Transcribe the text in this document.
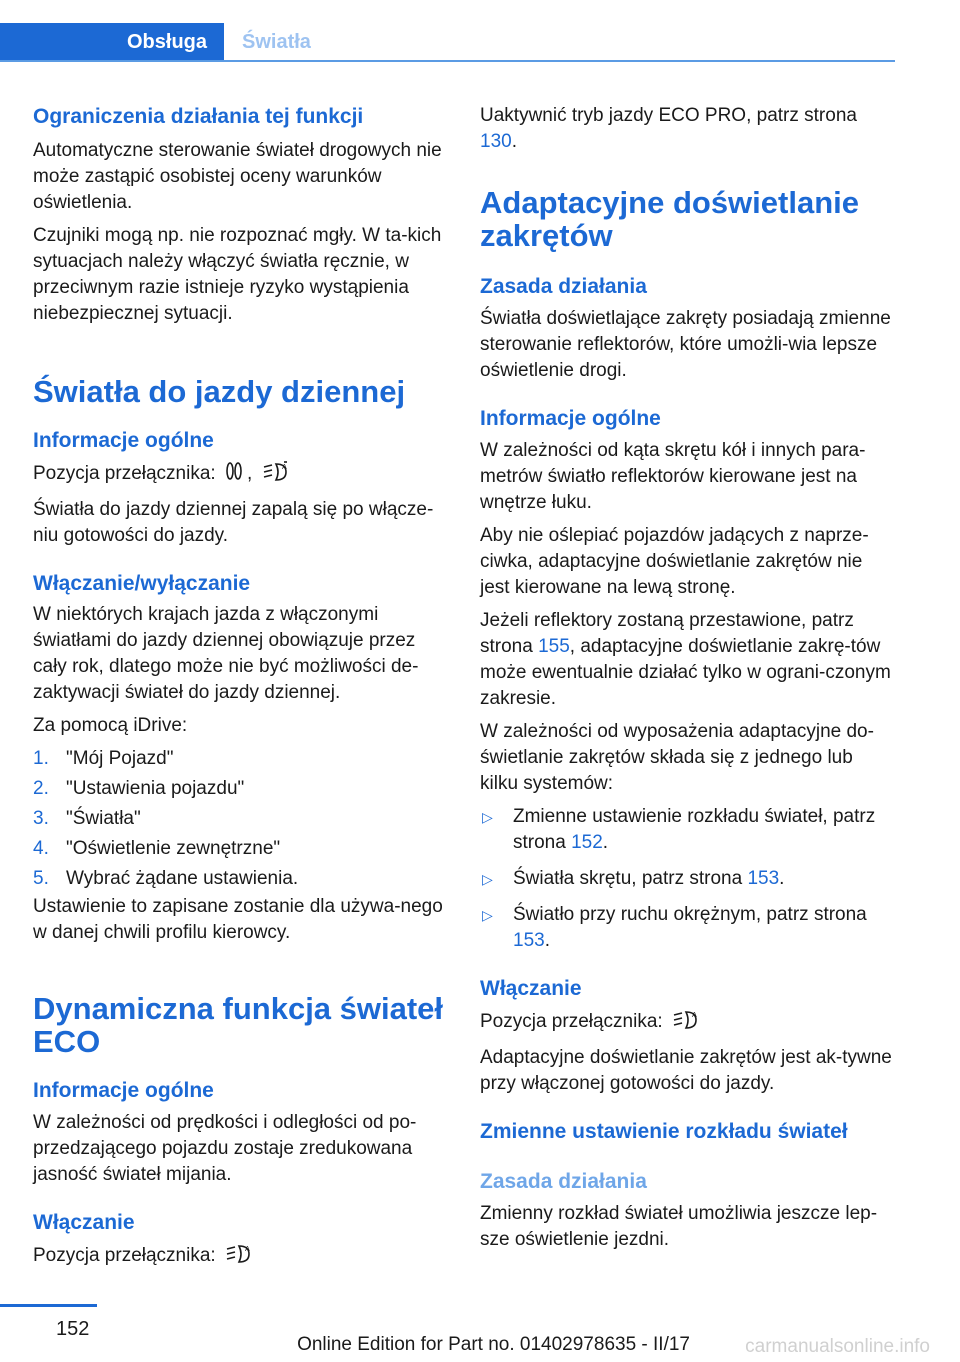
Obsługa Światła
Ograniczenia działania tej funkcji

Automatyczne sterowanie świateł drogowych nie może zastąpić osobistej oceny warunków oświetlenia.

Czujniki mogą np. nie rozpoznać mgły. W ta-kich sytuacjach należy włączyć światła ręcznie, w przeciwnym razie istnieje ryzyko wystąpienia niebezpiecznej sytuacji.

Światła do jazdy dziennej
Informacje ogólne

Pozycja przełącznika: ,	A

Światła do jazdy dziennej zapalą się po włącze-niu gotowości do jazdy.

Włączanie/wyłączanie

W niektórych krajach jazda z włączonymi światłami do jazdy dziennej obowiązuje przez cały rok, dlatego może nie być możliwości de-zaktywacji świateł do jazdy dziennej.

Za pomocą iDrive:

1. "Mój Pojazd"
2. "Ustawienia pojazdu"
3. "Światła"
4. "Oświetlenie zewnętrzne"
5. Wybrać żądane ustawienia.

Ustawienie to zapisane zostanie dla używa-nego w danej chwili profilu kierowcy.

Dynamiczna funkcja świateł ECO
Informacje ogólne

W zależności od prędkości i odległości od po-przedzającego pojazdu zostaje zredukowana jasność świateł mijania.

Włączanie

Pozycja przełącznika:	A

Uaktywnić tryb jazdy ECO PRO, patrz strona 130.

Adaptacyjne doświetlanie zakrętów
Zasada działania

Światła doświetlające zakręty posiadają zmienne sterowanie reflektorów, które umożli-wia lepsze oświetlenie drogi.

Informacje ogólne

W zależności od kąta skrętu kół i innych para-metrów światło reflektorów kierowane jest na wnętrze łuku.

Aby nie oślepiać pojazdów jadących z naprze-ciwka, adaptacyjne doświetlanie zakrętów nie jest kierowane na lewą stronę.

Jeżeli reflektory zostaną przestawione, patrz strona 155, adaptacyjne doświetlanie zakrę-tów może ewentualnie działać tylko w ograni-czonym zakresie.

W zależności od wyposażenia adaptacyjne do-świetlanie zakrętów składa się z jednego lub kilku systemów:

▷	Zmienne ustawienie rozkładu świateł, patrz strona 152.
▷	Światła skrętu, patrz strona 153.
▷	Światło przy ruchu okrężnym, patrz strona 153.
Włączanie

Pozycja przełącznika:	A

Adaptacyjne doświetlanie zakrętów jest ak-tywne przy włączonej gotowości do jazdy.

Zmienne ustawienie rozkładu świateł
Zasada działania

Zmienny rozkład świateł umożliwia jeszcze lep-sze oświetlenie jezdni.

152
Online Edition for Part no. 01402978635 - II/17	carmanualsonline.info
